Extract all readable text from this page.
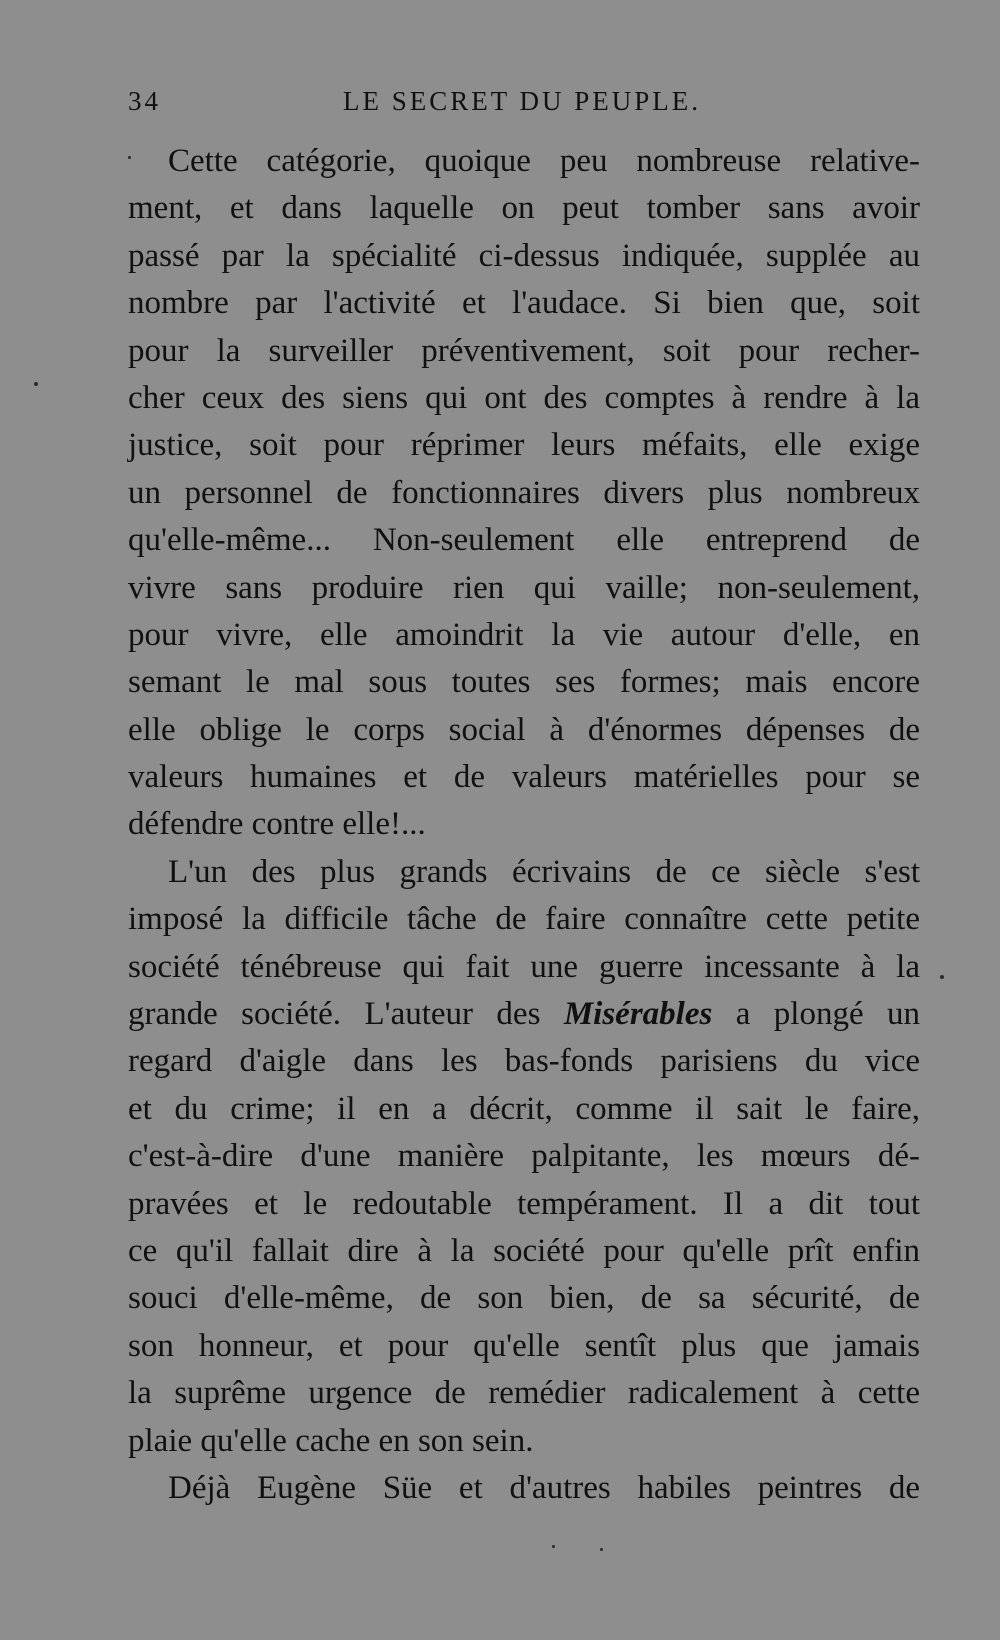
34	LE SECRET DU PEUPLE.
Cette catégorie, quoique peu nombreuse relative-
ment, et dans laquelle on peut tomber sans avoir
passé par la spécialité ci-dessus indiquée, supplée au
nombre par l'activité et l'audace. Si bien que, soit
pour la surveiller préventivement, soit pour recher-
cher ceux des siens qui ont des comptes à rendre à la
justice, soit pour réprimer leurs méfaits, elle exige
un personnel de fonctionnaires divers plus nombreux
qu'elle-même... Non-seulement elle entreprend de
vivre sans produire rien qui vaille; non-seulement,
pour vivre, elle amoindrit la vie autour d'elle, en
semant le mal sous toutes ses formes; mais encore
elle oblige le corps social à d'énormes dépenses de
valeurs humaines et de valeurs matérielles pour se
défendre contre elle!...
L'un des plus grands écrivains de ce siècle s'est
imposé la difficile tâche de faire connaître cette petite
société ténébreuse qui fait une guerre incessante à la
grande société. L'auteur des Misérables a plongé un
regard d'aigle dans les bas-fonds parisiens du vice
et du crime; il en a décrit, comme il sait le faire,
c'est-à-dire d'une manière palpitante, les mœurs dé-
pravées et le redoutable tempérament. Il a dit tout
ce qu'il fallait dire à la société pour qu'elle prît enfin
souci d'elle-même, de son bien, de sa sécurité, de
son honneur, et pour qu'elle sentît plus que jamais
la suprême urgence de remédier radicalement à cette
plaie qu'elle cache en son sein.
Déjà Eugène Süe et d'autres habiles peintres de
